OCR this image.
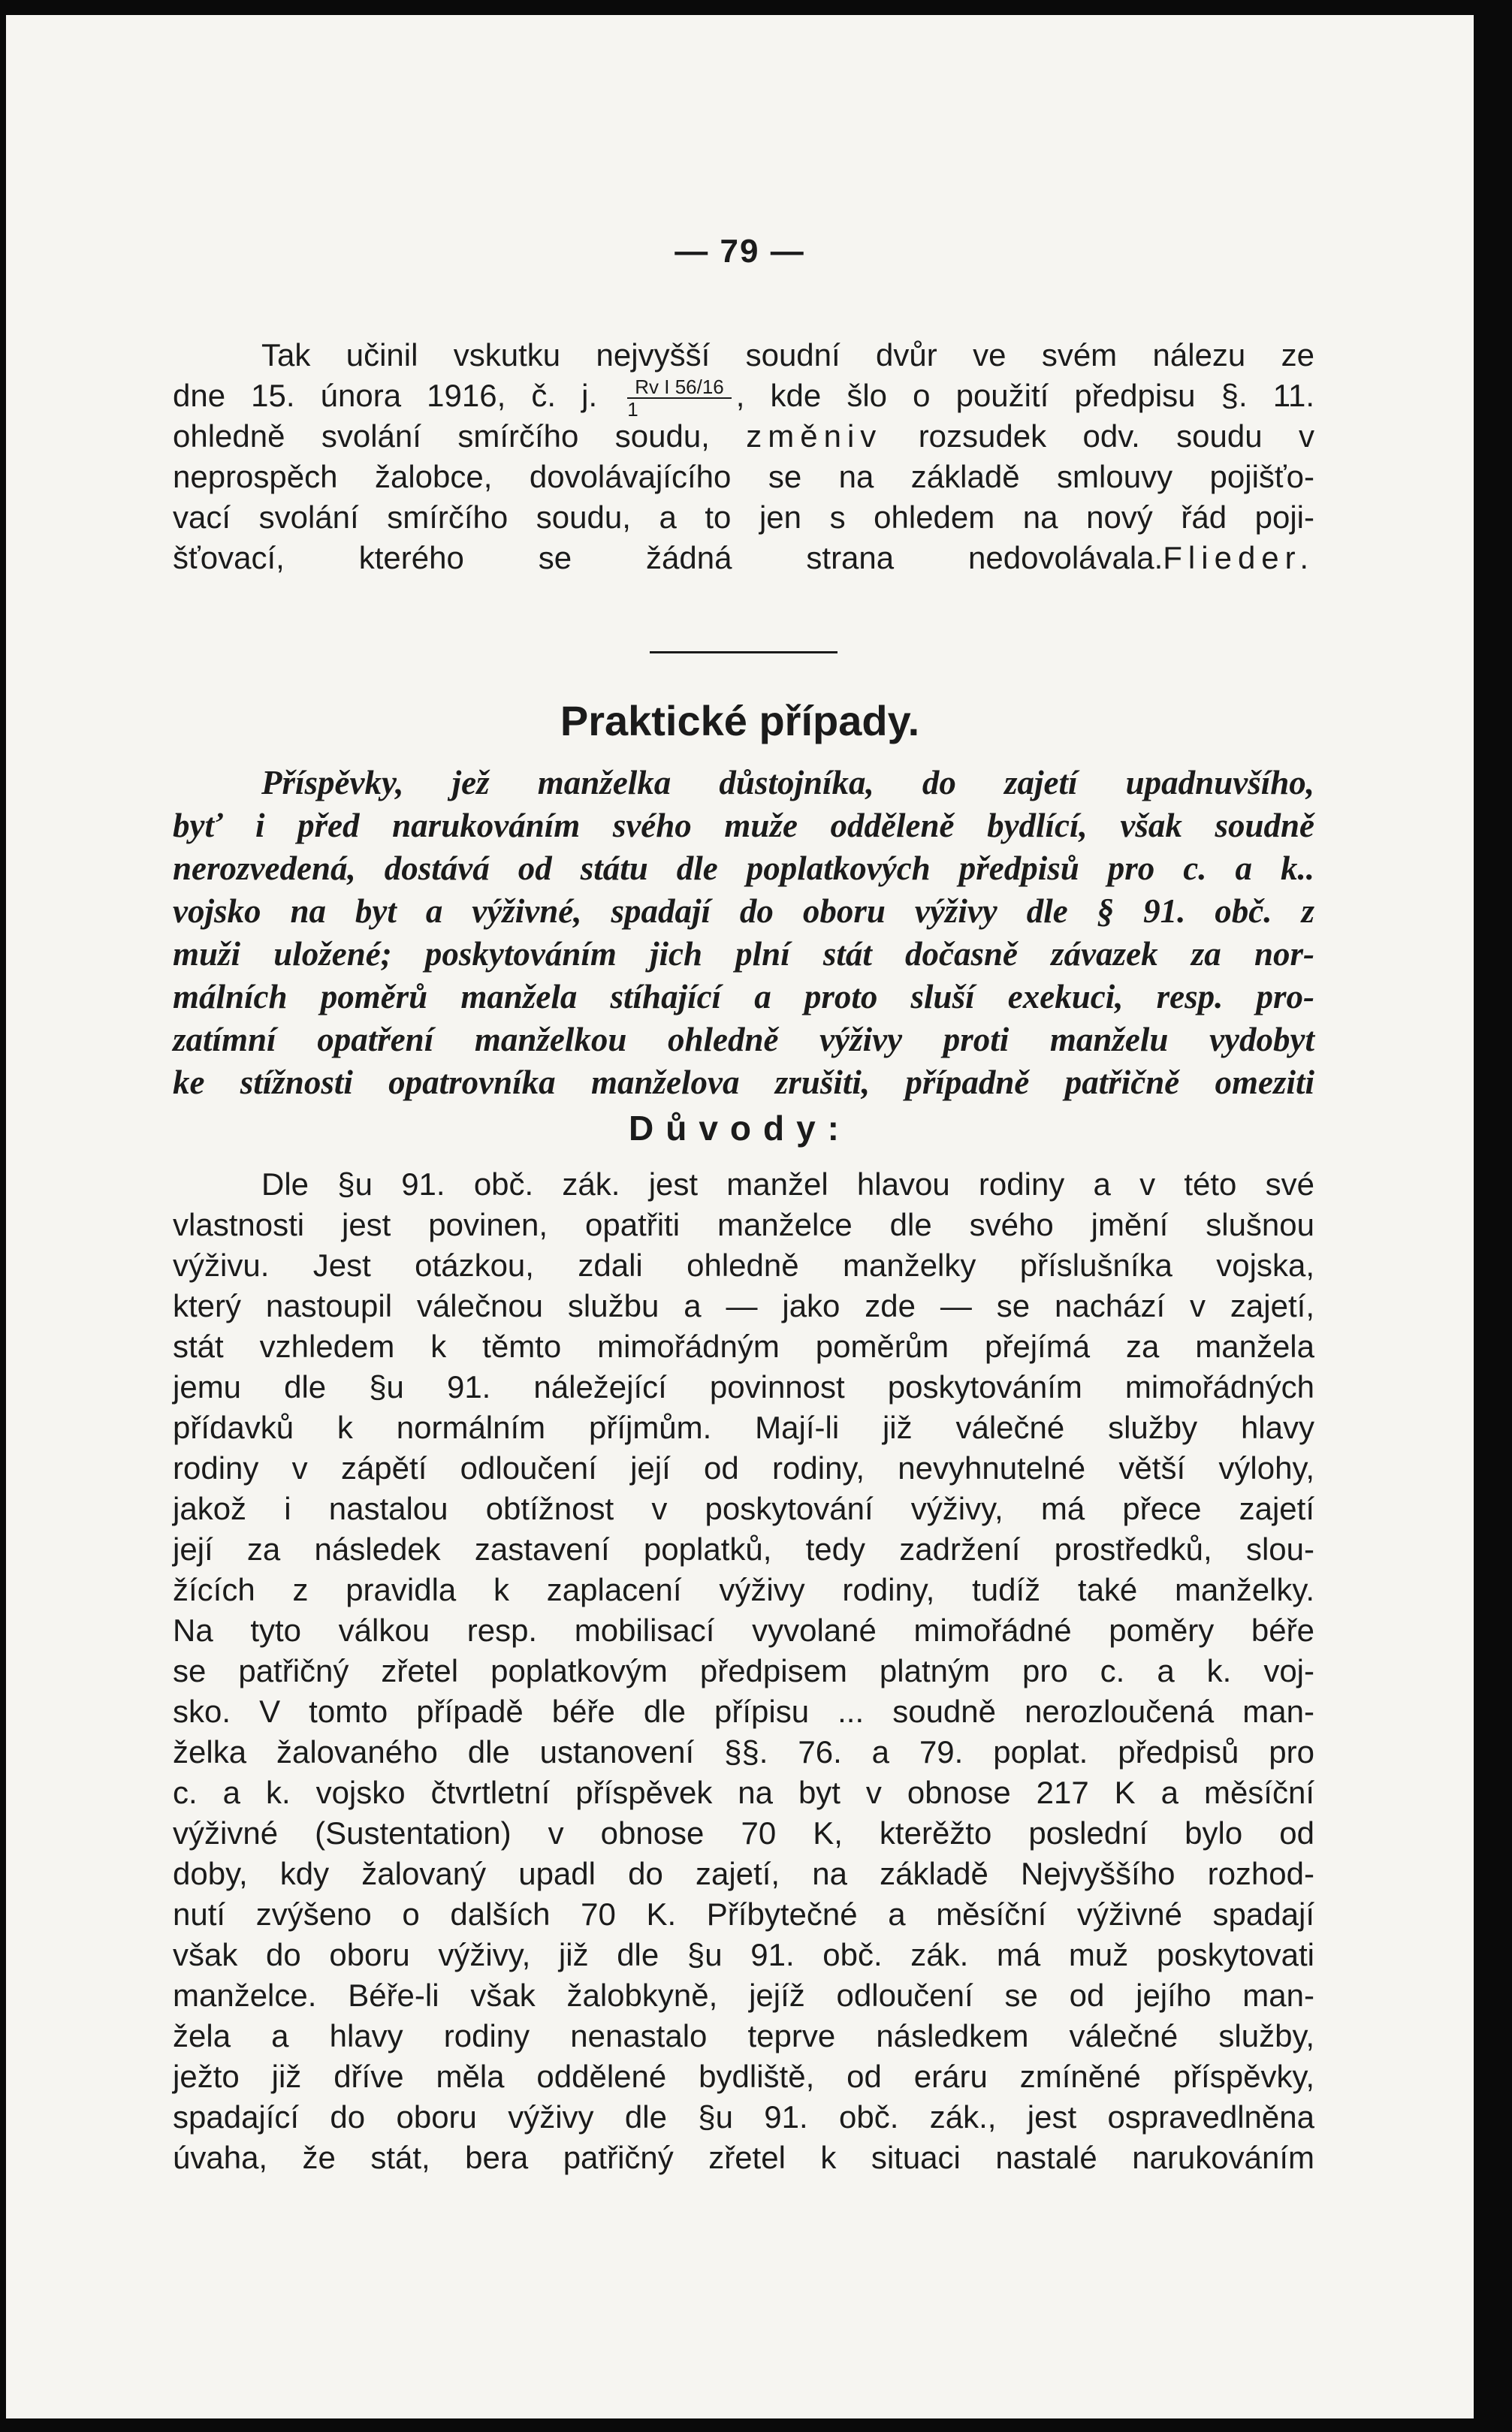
— 79 —
Tak učinil vskutku nejvyšší soudní dvůr ve svém nálezu ze
dne 15. února 1916, č. j. $\frac{\text{Rv I 56/16}}{1}$ , kde šlo o použití předpisu §. 11.
ohledně svolání smírčího soudu, změniv rozsudek odv. soudu v
neprospěch žalobce, dovolávajícího se na základě smlouvy pojišťo-
vací svolání smírčího soudu, a to jen s ohledem na nový řád poji-
šťovací, kterého se žádná strana nedovolávala.Flieder.
Praktické případy.
Příspěvky, jež manželka důstojníka, do zajetí upadnuvšího,
byť i před narukováním svého muže odděleně bydlící, však soudně
nerozvedená, dostává od státu dle poplatkových předpisů pro c. a k..
vojsko na byt a výživné, spadají do oboru výživy dle § 91. obč. z
muži uložené; poskytováním jich plní stát dočasně závazek za nor-
málních poměrů manžela stíhající a proto sluší exekuci, resp. pro-
zatímní opatření manželkou ohledně výživy proti manželu vydobyt
ke stížnosti opatrovníka manželova zrušiti, případně patřičně omeziti
Důvody:
Dle §u 91. obč. zák. jest manžel hlavou rodiny a v této své
vlastnosti jest povinen, opatřiti manželce dle svého jmění slušnou
výživu. Jest otázkou, zdali ohledně manželky příslušníka vojska,
který nastoupil válečnou službu a — jako zde — se nachází v zajetí,
stát vzhledem k těmto mimořádným poměrům přejímá za manžela
jemu dle §u 91. náležející povinnost poskytováním mimořádných
přídavků k normálním příjmům. Mají-li již válečné služby hlavy
rodiny v zápětí odloučení její od rodiny, nevyhnutelné větší výlohy,
jakož i nastalou obtížnost v poskytování výživy, má přece zajetí
její za následek zastavení poplatků, tedy zadržení prostředků, slou-
žících z pravidla k zaplacení výživy rodiny, tudíž také manželky.
Na tyto válkou resp. mobilisací vyvolané mimořádné poměry béře
se patřičný zřetel poplatkovým předpisem platným pro c. a k. voj-
sko. V tomto případě béře dle přípisu ... soudně nerozloučená man-
želka žalovaného dle ustanovení §§. 76. a 79. poplat. předpisů pro
c. a k. vojsko čtvrtletní příspěvek na byt v obnose 217 K a měsíční
výživné (Sustentation) v obnose 70 K, kterěžto poslední bylo od
doby, kdy žalovaný upadl do zajetí, na základě Nejvyššího rozhod-
nutí zvýšeno o dalších 70 K. Příbytečné a měsíční výživné spadají
však do oboru výživy, již dle §u 91. obč. zák. má muž poskytovati
manželce. Béře-li však žalobkyně, jejíž odloučení se od jejího man-
žela a hlavy rodiny nenastalo teprve následkem válečné služby,
ježto již dříve měla oddělené bydliště, od eráru zmíněné příspěvky,
spadající do oboru výživy dle §u 91. obč. zák., jest ospravedlněna
úvaha, že stát, bera patřičný zřetel k situaci nastalé narukováním
